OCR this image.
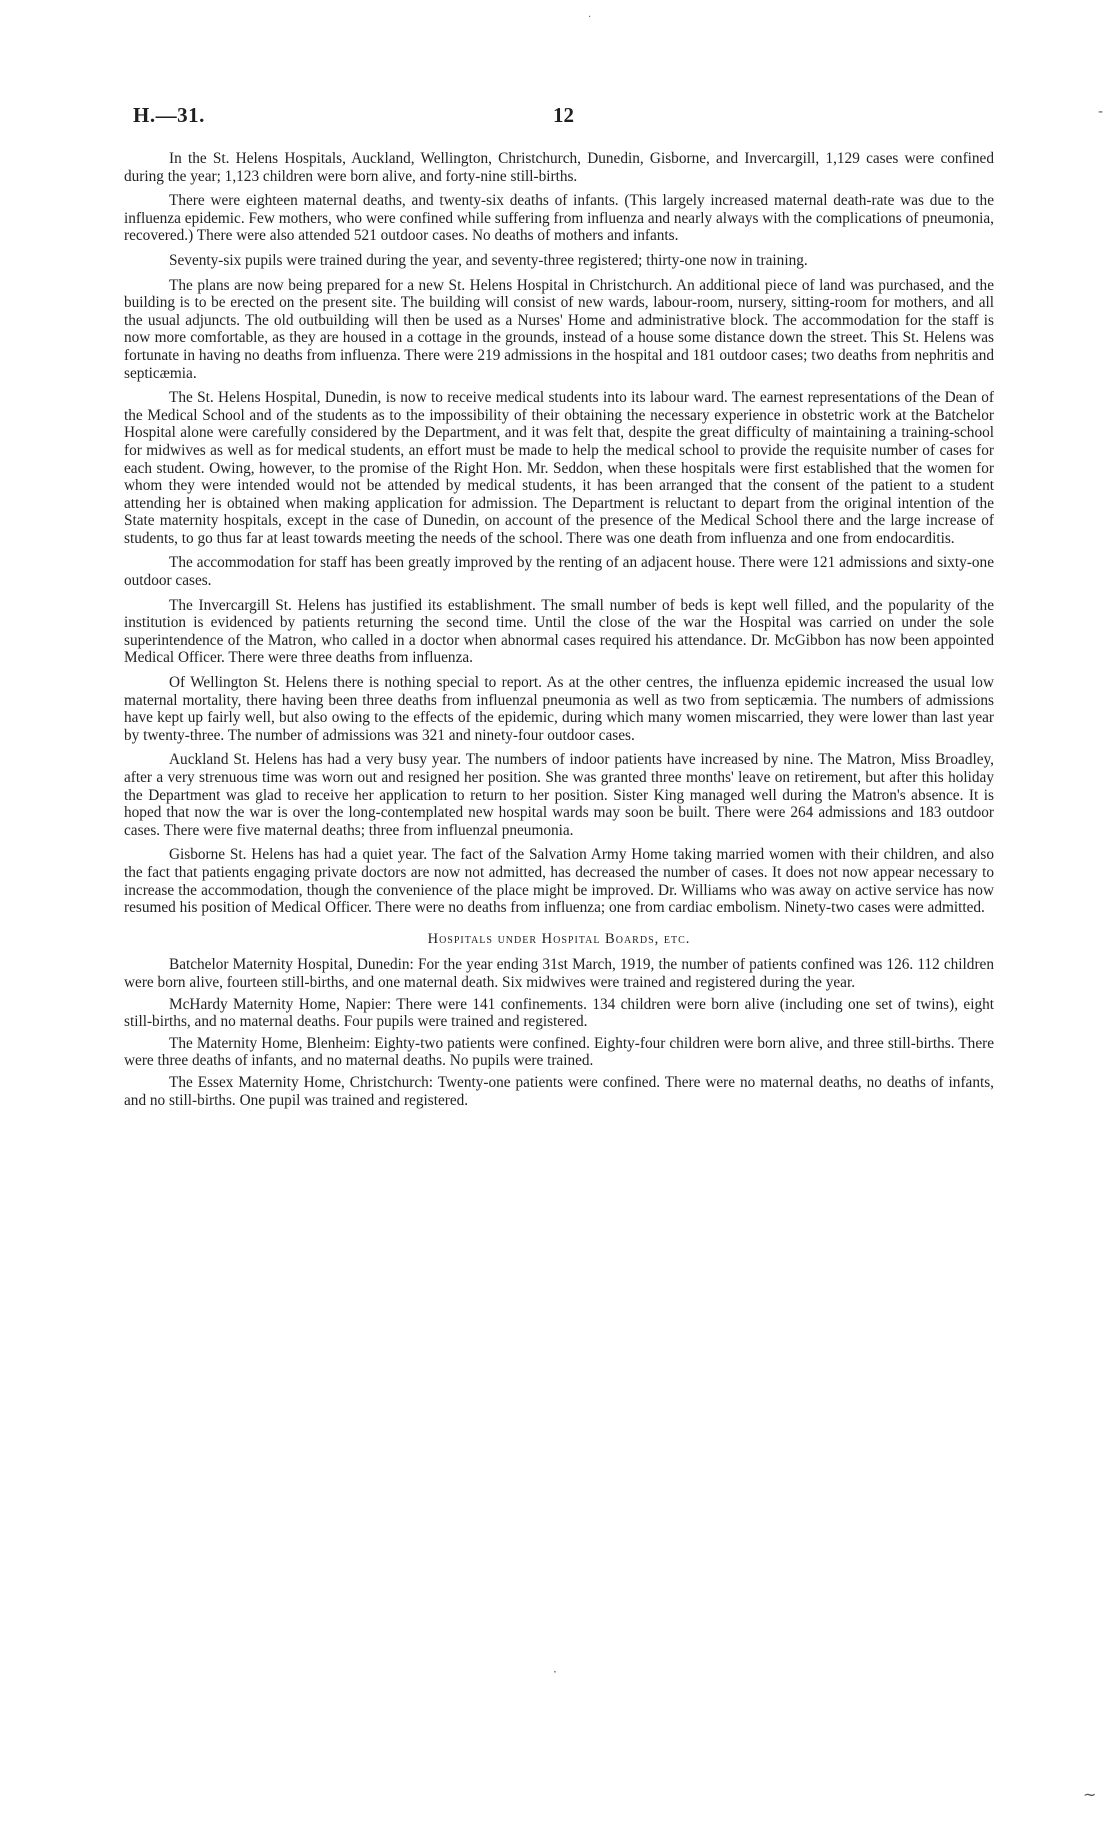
·
‐
H.—31.	12

In the St. Helens Hospitals, Auckland, Wellington, Christchurch, Dunedin, Gisborne, and Invercargill, 1,129 cases were confined during the year; 1,123 children were born alive, and forty-nine still-births.

There were eighteen maternal deaths, and twenty-six deaths of infants. (This largely increased maternal death-rate was due to the influenza epidemic. Few mothers, who were confined while suffering from influenza and nearly always with the complications of pneumonia, recovered.) There were also attended 521 outdoor cases. No deaths of mothers and infants.

Seventy-six pupils were trained during the year, and seventy-three registered; thirty-one now in training.

The plans are now being prepared for a new St. Helens Hospital in Christchurch. An additional piece of land was purchased, and the building is to be erected on the present site. The building will consist of new wards, labour-room, nursery, sitting-room for mothers, and all the usual adjuncts. The old outbuilding will then be used as a Nurses' Home and administrative block. The accommodation for the staff is now more comfortable, as they are housed in a cottage in the grounds, instead of a house some distance down the street. This St. Helens was fortunate in having no deaths from influenza. There were 219 admissions in the hospital and 181 outdoor cases; two deaths from nephritis and septicæmia.

The St. Helens Hospital, Dunedin, is now to receive medical students into its labour ward. The earnest representations of the Dean of the Medical School and of the students as to the impossibility of their obtaining the necessary experience in obstetric work at the Batchelor Hospital alone were carefully considered by the Department, and it was felt that, despite the great difficulty of maintaining a training-school for midwives as well as for medical students, an effort must be made to help the medical school to provide the requisite number of cases for each student. Owing, however, to the promise of the Right Hon. Mr. Seddon, when these hospitals were first established that the women for whom they were intended would not be attended by medical students, it has been arranged that the consent of the patient to a student attending her is obtained when making application for admission. The Department is reluctant to depart from the original intention of the State maternity hospitals, except in the case of Dunedin, on account of the presence of the Medical School there and the large increase of students, to go thus far at least towards meeting the needs of the school. There was one death from influenza and one from endocarditis.

The accommodation for staff has been greatly improved by the renting of an adjacent house. There were 121 admissions and sixty-one outdoor cases.

The Invercargill St. Helens has justified its establishment. The small number of beds is kept well filled, and the popularity of the institution is evidenced by patients returning the second time. Until the close of the war the Hospital was carried on under the sole superintendence of the Matron, who called in a doctor when abnormal cases required his attendance. Dr. McGibbon has now been appointed Medical Officer. There were three deaths from influenza.

Of Wellington St. Helens there is nothing special to report. As at the other centres, the influenza epidemic increased the usual low maternal mortality, there having been three deaths from influenzal pneumonia as well as two from septicæmia. The numbers of admissions have kept up fairly well, but also owing to the effects of the epidemic, during which many women miscarried, they were lower than last year by twenty-three. The number of admissions was 321 and ninety-four outdoor cases.

Auckland St. Helens has had a very busy year. The numbers of indoor patients have increased by nine. The Matron, Miss Broadley, after a very strenuous time was worn out and resigned her position. She was granted three months' leave on retirement, but after this holiday the Department was glad to receive her application to return to her position. Sister King managed well during the Matron's absence. It is hoped that now the war is over the long-contemplated new hospital wards may soon be built. There were 264 admissions and 183 outdoor cases. There were five maternal deaths; three from influenzal pneumonia.

Gisborne St. Helens has had a quiet year. The fact of the Salvation Army Home taking married women with their children, and also the fact that patients engaging private doctors are now not admitted, has decreased the number of cases. It does not now appear necessary to increase the accommodation, though the convenience of the place might be improved. Dr. Williams who was away on active service has now resumed his position of Medical Officer. There were no deaths from influenza; one from cardiac embolism. Ninety-two cases were admitted.

Hospitals under Hospital Boards, etc.

Batchelor Maternity Hospital, Dunedin: For the year ending 31st March, 1919, the number of patients confined was 126. 112 children were born alive, fourteen still-births, and one maternal death. Six midwives were trained and registered during the year.

McHardy Maternity Home, Napier: There were 141 confinements. 134 children were born alive (including one set of twins), eight still-births, and no maternal deaths. Four pupils were trained and registered.

The Maternity Home, Blenheim: Eighty-two patients were confined. Eighty-four children were born alive, and three still-births. There were three deaths of infants, and no maternal deaths. No pupils were trained.

The Essex Maternity Home, Christchurch: Twenty-one patients were confined. There were no maternal deaths, no deaths of infants, and no still-births. One pupil was trained and registered.

·
~
